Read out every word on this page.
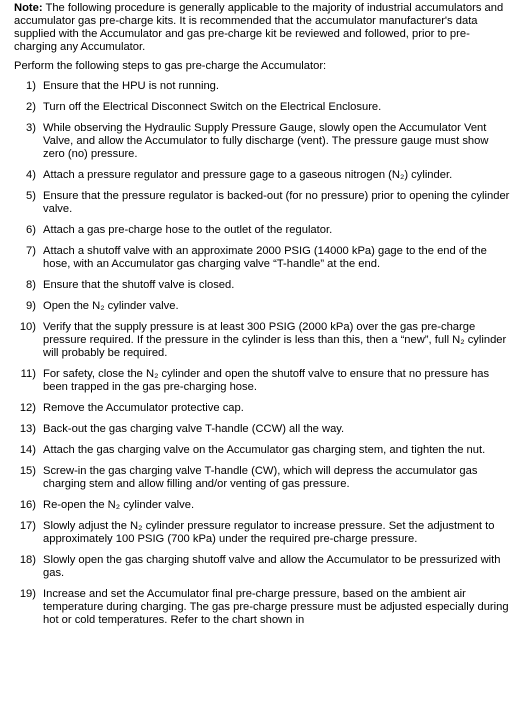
Note: The following procedure is generally applicable to the majority of industrial accumulators and accumulator gas pre-charge kits. It is recommended that the accumulator manufacturer's data supplied with the Accumulator and gas pre-charge kit be reviewed and followed, prior to pre-charging any Accumulator.

Perform the following steps to gas pre-charge the Accumulator:

1) Ensure that the HPU is not running.
2) Turn off the Electrical Disconnect Switch on the Electrical Enclosure.
3) While observing the Hydraulic Supply Pressure Gauge, slowly open the Accumulator Vent Valve, and allow the Accumulator to fully discharge (vent). The pressure gauge must show zero (no) pressure.
4) Attach a pressure regulator and pressure gage to a gaseous nitrogen (N₂) cylinder.
5) Ensure that the pressure regulator is backed-out (for no pressure) prior to opening the cylinder valve.
6) Attach a gas pre-charge hose to the outlet of the regulator.
7) Attach a shutoff valve with an approximate 2000 PSIG (14000 kPa) gage to the end of the hose, with an Accumulator gas charging valve “T-handle” at the end.
8) Ensure that the shutoff valve is closed.
9) Open the N₂ cylinder valve.
10) Verify that the supply pressure is at least 300 PSIG (2000 kPa) over the gas pre-charge pressure required. If the pressure in the cylinder is less than this, then a “new”, full N₂ cylinder will probably be required.
11) For safety, close the N₂ cylinder and open the shutoff valve to ensure that no pressure has been trapped in the gas pre-charging hose.
12) Remove the Accumulator protective cap.
13) Back-out the gas charging valve T-handle (CCW) all the way.
14) Attach the gas charging valve on the Accumulator gas charging stem, and tighten the nut.
15) Screw-in the gas charging valve T-handle (CW), which will depress the accumulator gas charging stem and allow filling and/or venting of gas pressure.
16) Re-open the N₂ cylinder valve.
17) Slowly adjust the N₂ cylinder pressure regulator to increase pressure. Set the adjustment to approximately 100 PSIG (700 kPa) under the required pre-charge pressure.
18) Slowly open the gas charging shutoff valve and allow the Accumulator to be pressurized with gas.
19) Increase and set the Accumulator final pre-charge pressure, based on the ambient air temperature during charging. The gas pre-charge pressure must be adjusted especially during hot or cold temperatures. Refer to the chart shown in
